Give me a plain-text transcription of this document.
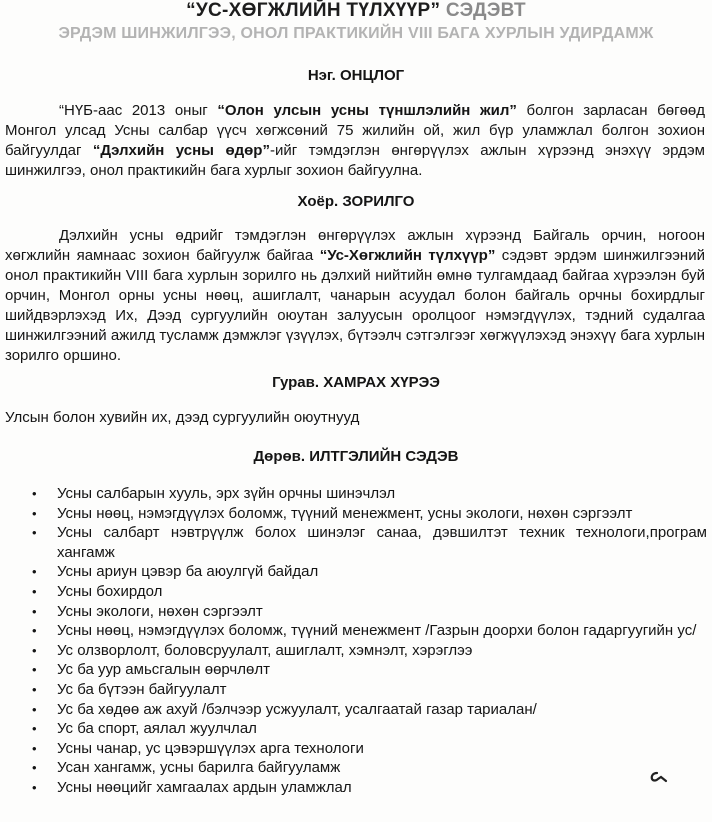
“УС-ХӨГЖЛИЙН ТҮЛХҮҮР” СЭДЭВТ
ЭРДЭМ ШИНЖИЛГЭЭ, ОНОЛ ПРАКТИКИЙН VIII БАГА ХУРЛЫН УДИРДАМЖ
Нэг. ОНЦЛОГ

“НҮБ-аас 2013 оныг “Олон улсын усны түншлэлийн жил” болгон зарласан бөгөөд Монгол улсад Усны салбар үүсч хөгжсөний 75 жилийн ой, жил бүр уламжлал болгон зохион байгуулдаг “Дэлхийн усны өдөр”-ийг тэмдэглэн өнгөрүүлэх ажлын хүрээнд энэхүү эрдэм шинжилгээ, онол практикийн бага хурлыг зохион байгуулна.

Хоёр. ЗОРИЛГО

Дэлхийн усны өдрийг тэмдэглэн өнгөрүүлэх ажлын хүрээнд Байгаль орчин, ногоон хөгжлийн яамнаас зохион байгуулж байгаа “Ус-Хөгжлийн түлхүүр” сэдэвт эрдэм шинжилгээний онол практикийн VIII бага хурлын зорилго нь дэлхий нийтийн өмнө тулгамдаад байгаа хүрээлэн буй орчин, Монгол орны усны нөөц, ашиглалт, чанарын асуудал болон байгаль орчны бохирдлыг шийдвэрлэхэд Их, Дээд сургуулийн оюутан залуусын оролцоог нэмэгдүүлэх, тэдний судалгаа шинжилгээний ажилд тусламж дэмжлэг үзүүлэх, бүтээлч сэтгэлгээг хөгжүүлэхэд энэхүү бага хурлын зорилго оршино.

Гурав. ХАМРАХ ХҮРЭЭ

Улсын болон хувийн их, дээд сургуулийн оюутнууд

Дөрөв. ИЛТГЭЛИЙН СЭДЭВ
• Усны салбарын хууль, эрх зүйн орчны шинэчлэл
• Усны нөөц, нэмэгдүүлэх боломж, түүний менежмент, усны экологи, нөхөн сэргээлт
• Усны салбарт нэвтрүүлж болох шинэлэг санаа, дэвшилтэт техник технологи,програм хангамж
• Усны ариун цэвэр ба аюулгүй байдал
• Усны бохирдол
• Усны экологи, нөхөн сэргээлт
• Усны нөөц, нэмэгдүүлэх боломж, түүний менежмент /Газрын доорхи болон гадаргуугийн ус/
• Ус олзворлолт, боловсруулалт, ашиглалт, хэмнэлт, хэрэглээ
• Ус ба уур амьсгалын өөрчлөлт
• Ус ба бүтээн байгуулалт
• Ус ба хөдөө аж ахуй /бэлчээр усжуулалт, усалгаатай газар тариалан/
• Ус ба спорт, аялал жуулчлал
• Усны чанар, ус цэвэршүүлэх арга технологи
• Усан хангамж, усны барилга байгууламж
• Усны нөөцийг хамгаалах ардын уламжлал
